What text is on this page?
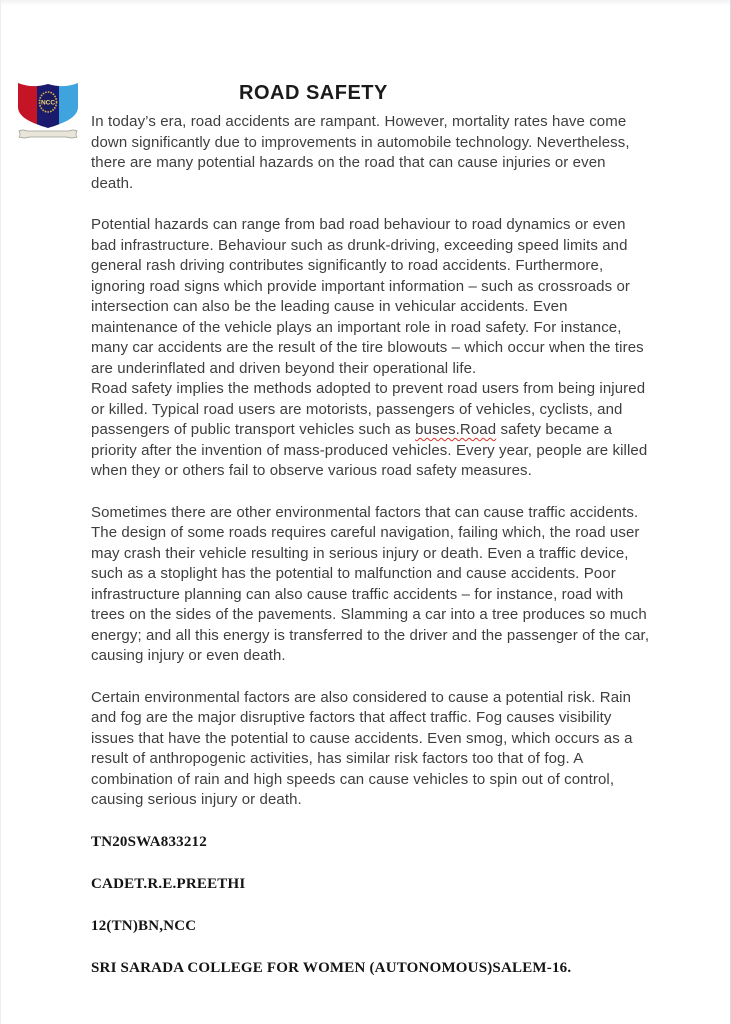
NCC	ROAD SAFETY

In today’s era, road accidents are rampant. However, mortality rates have come down significantly due to improvements in automobile technology. Nevertheless, there are many potential hazards on the road that can cause injuries or even death.

Potential hazards can range from bad road behaviour to road dynamics or even bad infrastructure. Behaviour such as drunk-driving, exceeding speed limits and general rash driving contributes significantly to road accidents. Furthermore, ignoring road signs which provide important information – such as crossroads or intersection can also be the leading cause in vehicular accidents. Even maintenance of the vehicle plays an important role in road safety. For instance, many car accidents are the result of the tire blowouts – which occur when the tires are underinflated and driven beyond their operational life.

Road safety implies the methods adopted to prevent road users from being injured or killed. Typical road users are motorists, passengers of vehicles, cyclists, and passengers of public transport vehicles such as buses.Road safety became a priority after the invention of mass-produced vehicles. Every year, people are killed when they or others fail to observe various road safety measures.

Sometimes there are other environmental factors that can cause traffic accidents. The design of some roads requires careful navigation, failing which, the road user may crash their vehicle resulting in serious injury or death. Even a traffic device, such as a stoplight has the potential to malfunction and cause accidents. Poor infrastructure planning can also cause traffic accidents – for instance, road with trees on the sides of the pavements. Slamming a car into a tree produces so much energy; and all this energy is transferred to the driver and the passenger of the car, causing injury or even death.

Certain environmental factors are also considered to cause a potential risk. Rain and fog are the major disruptive factors that affect traffic. Fog causes visibility issues that have the potential to cause accidents. Even smog, which occurs as a result of anthropogenic activities, has similar risk factors too that of fog. A combination of rain and high speeds can cause vehicles to spin out of control, causing serious injury or death.

TN20SWA833212

CADET.R.E.PREETHI

12(TN)BN,NCC

SRI SARADA COLLEGE FOR WOMEN (AUTONOMOUS)SALEM-16.
